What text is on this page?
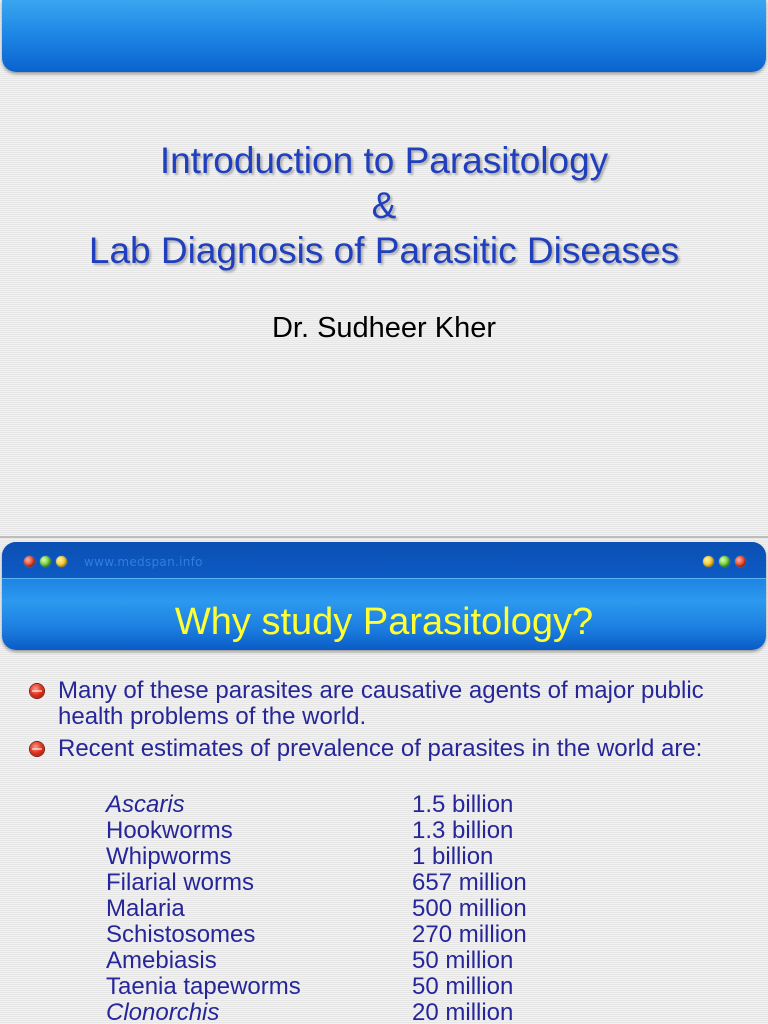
Introduction to Parasitology
&
Lab Diagnosis of Parasitic Diseases
Dr. Sudheer Kher
www.medspan.info
Why study Parasitology?
Many of these parasites are causative agents of major public health problems of the world.
Recent estimates of prevalence of parasites in the world are:
Ascaris	1.5 billion
Hookworms	1.3 billion
Whipworms	1 billion
Filarial worms	657 million
Malaria	500 million
Schistosomes	270 million
Amebiasis	50 million
Taenia tapeworms	50 million
Clonorchis	20 million
